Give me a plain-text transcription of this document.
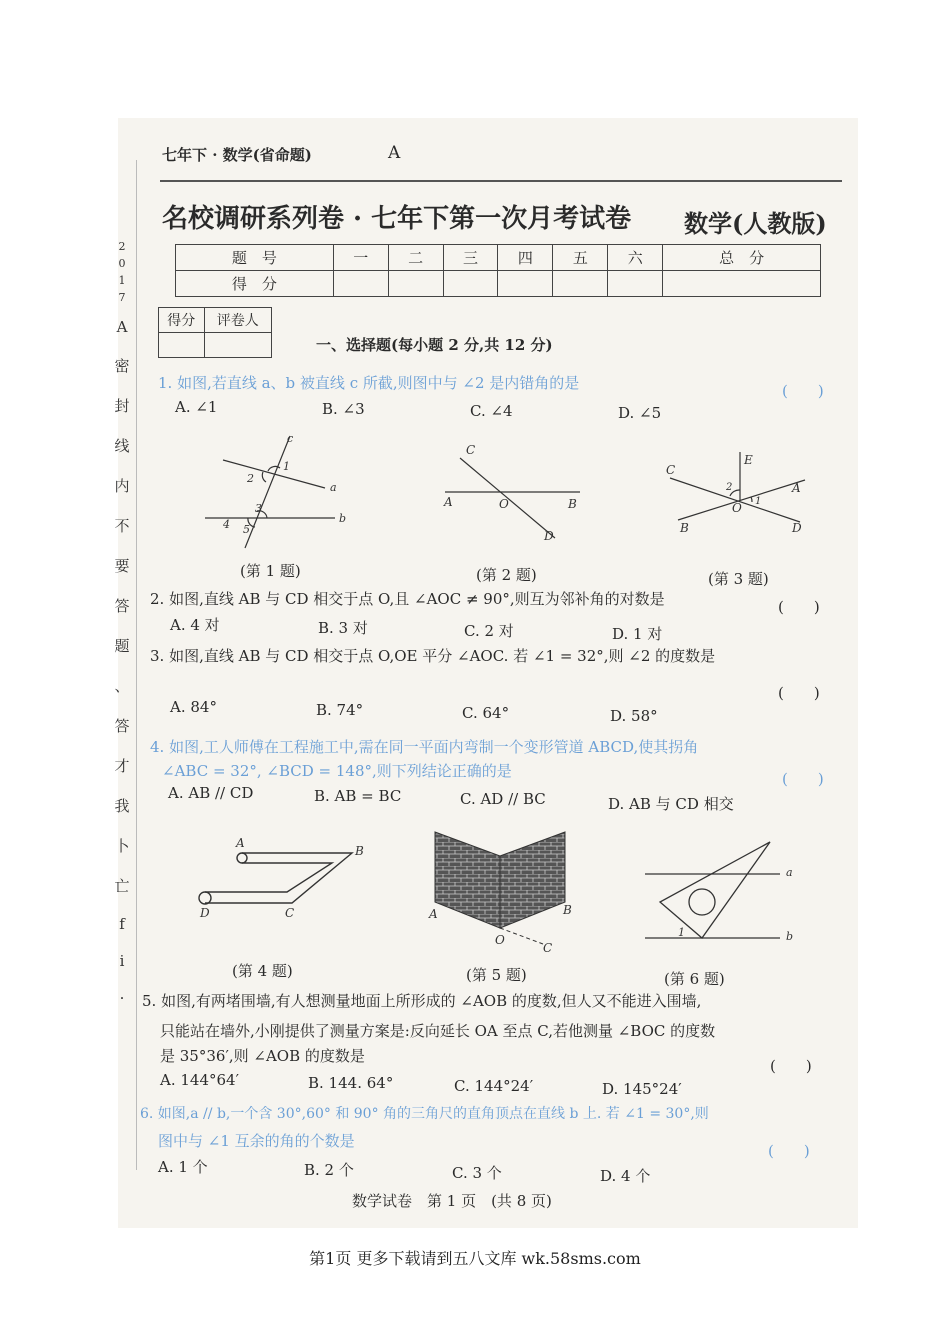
七年下 · 数学(省命题)	A
名校调研系列卷 · 七年下第一次月考试卷 数学(人教版)
2
0
1
7
A
密
封
线
内
不
要
答
题
、
答
才
我
卜
亡
f
i
·
题　号	一	二	三	四	五	六	总　分
得　分							
得分	评卷人

一、选择题(每小题 2 分,共 12 分)
1. 如图,若直线 a、b 被直线 c 所截,则图中与 ∠2 是内错角的是	(　　)
A. ∠1	B. ∠3	C. ∠4	D. ∠5
c
a
b
1
2
3
4 5
(第 1 题)
C
A	O	B
D
(第 2 题)
C
E
A
O
B	D
2
1
(第 3 题)
2. 如图,直线 AB 与 CD 相交于点 O,且 ∠AOC ≠ 90°,则互为邻补角的对数是	(　　)
A. 4 对	B. 3 对	C. 2 对	D. 1 对
3. 如图,直线 AB 与 CD 相交于点 O,OE 平分 ∠AOC. 若 ∠1 = 32°,则 ∠2 的度数是
(　　)
A. 84°	B. 74°	C. 64°	D. 58°
4. 如图,工人师傅在工程施工中,需在同一平面内弯制一个变形管道 ABCD,使其拐角
∠ABC = 32°, ∠BCD = 148°,则下列结论正确的是	(　　)
A. AB // CD	B. AB = BC	C. AD // BC	D. AB 与 CD 相交
A
B
D	C
(第 4 题)
A	B
O
C
(第 5 题)
a
b
1
(第 6 题)
5. 如图,有两堵围墙,有人想测量地面上所形成的 ∠AOB 的度数,但人又不能进入围墙,
只能站在墙外,小刚提供了测量方案是:反向延长 OA 至点 C,若他测量 ∠BOC 的度数
是 35°36′,则 ∠AOB 的度数是
(　　)
A. 144°64′	B. 144. 64°	C. 144°24′	D. 145°24′
6. 如图,a // b,一个含 30°,60° 和 90° 角的三角尺的直角顶点在直线 b 上. 若 ∠1 = 30°,则
图中与 ∠1 互余的角的个数是
(　　)
A. 1 个	B. 2 个	C. 3 个	D. 4 个
数学试卷　第 1 页　(共 8 页)
第1页 更多下载请到五八文库 wk.58sms.com
